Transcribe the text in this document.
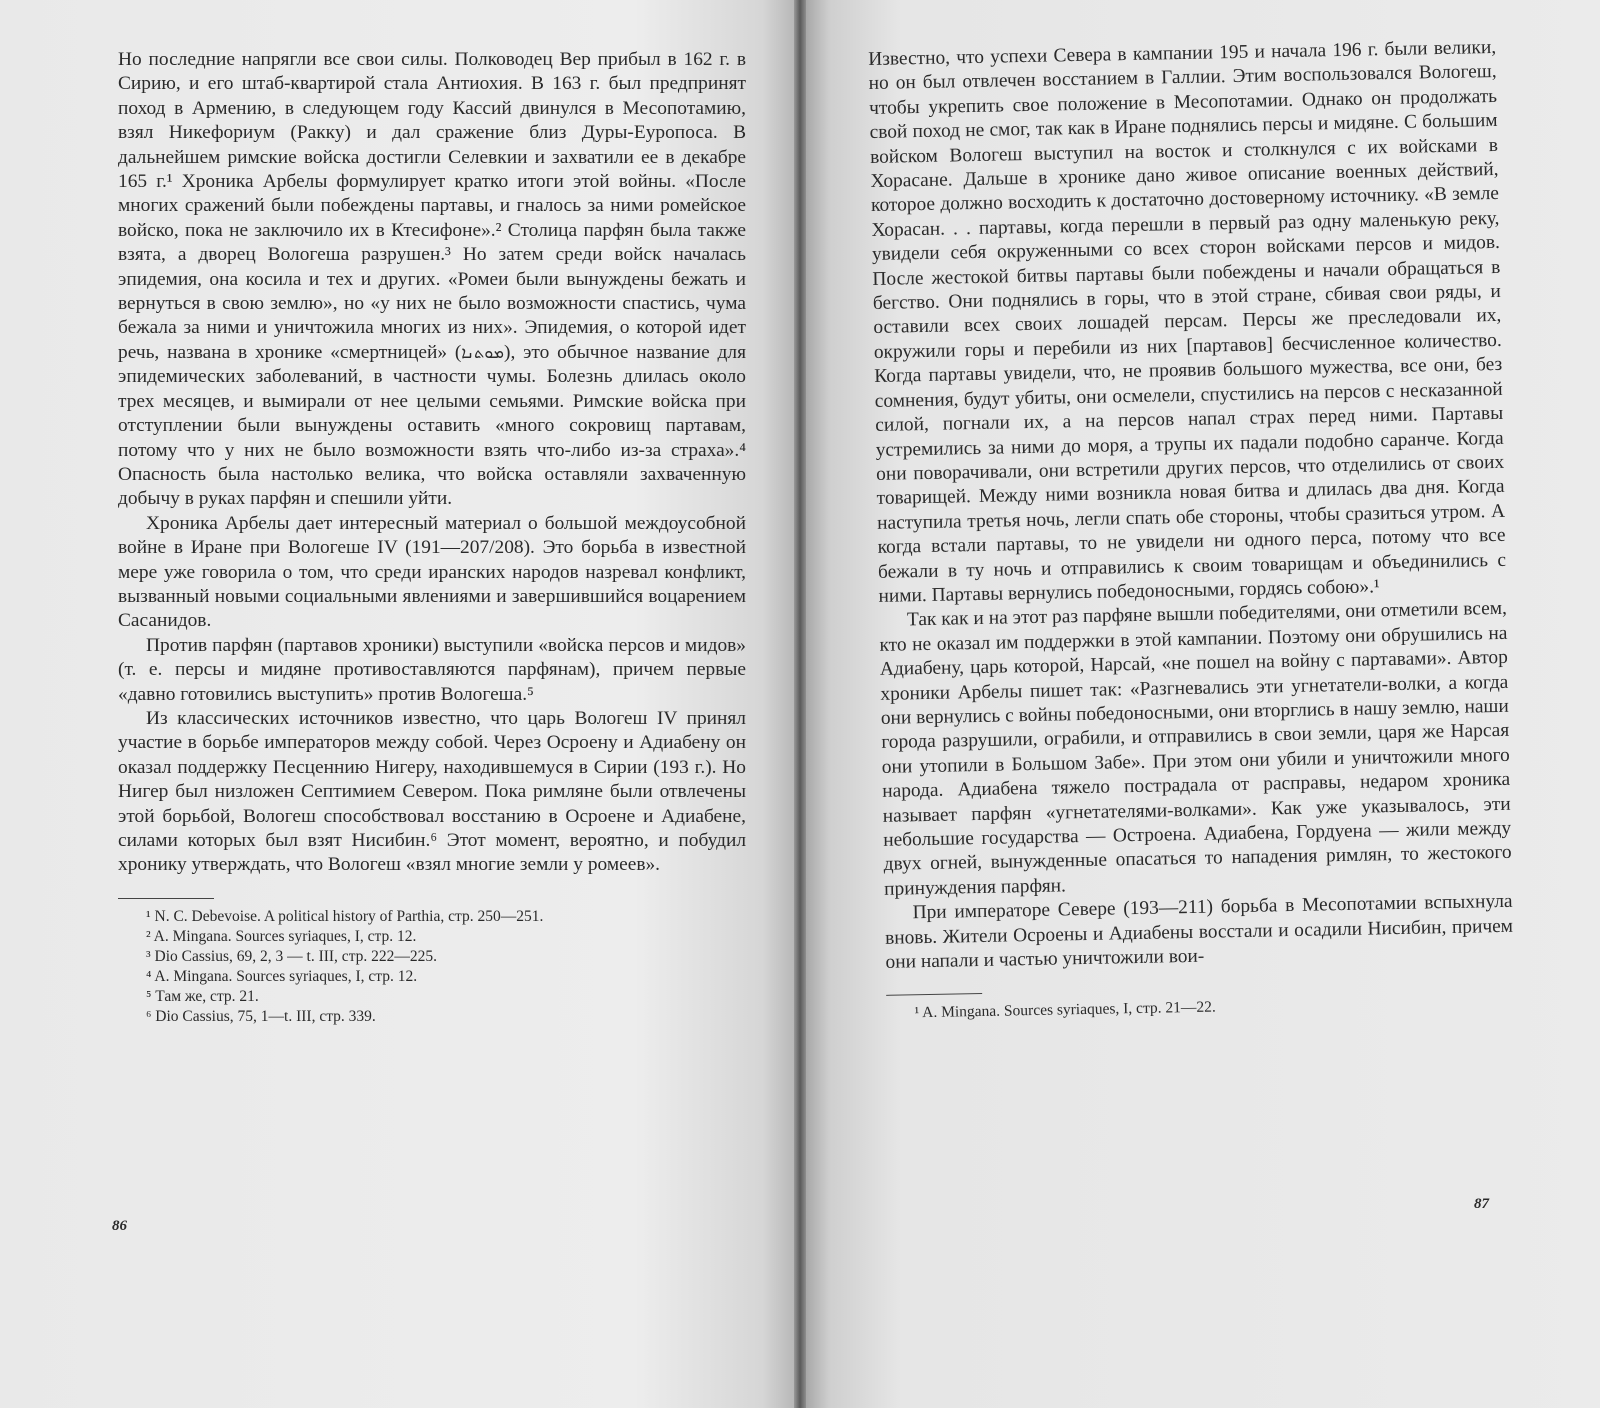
Но последние напрягли все свои силы. Полководец Вер прибыл в 162 г. в Сирию, и его штаб-квартирой стала Антиохия. В 163 г. был предпринят поход в Армению, в следующем году Кассий двинулся в Месопотамию, взял Никефориум (Ракку) и дал сражение близ Дуры-Еуропоса. В дальнейшем римские войска достигли Селевкии и захватили ее в декабре 165 г.¹ Хроника Арбелы формулирует кратко итоги этой войны. «После многих сражений были побеждены партавы, и гналось за ними ромейское войско, пока не заключило их в Ктесифоне».² Столица парфян была также взята, а дворец Вологеша разрушен.³ Но затем среди войск началась эпидемия, она косила и тех и других. «Ромеи были вынуждены бежать и вернуться в свою землю», но «у них не было возможности спастись, чума бежала за ними и уничтожила многих из них». Эпидемия, о которой идет речь, названа в хронике «смертницей» (ܡܘܬܢܐ), это обычное название для эпидемических заболеваний, в частности чумы. Болезнь длилась около трех месяцев, и вымирали от нее целыми семьями. Римские войска при отступлении были вынуждены оставить «много сокровищ партавам, потому что у них не было возможности взять что-либо из-за страха».⁴ Опасность была настолько велика, что войска оставляли захваченную добычу в руках парфян и спешили уйти.

Хроника Арбелы дает интересный материал о большой междоусобной войне в Иране при Вологеше IV (191—207/208). Это борьба в известной мере уже говорила о том, что среди иранских народов назревал конфликт, вызванный новыми социальными явлениями и завершившийся воцарением Сасанидов.

Против парфян (партавов хроники) выступили «войска персов и мидов» (т. е. персы и мидяне противоставляются парфянам), причем первые «давно готовились выступить» против Вологеша.⁵

Из классических источников известно, что царь Вологеш IV принял участие в борьбе императоров между собой. Через Осроену и Адиабену он оказал поддержку Песценнию Нигеру, находившемуся в Сирии (193 г.). Но Нигер был низложен Септимием Севером. Пока римляне были отвлечены этой борьбой, Вологеш способствовал восстанию в Осроене и Адиабене, силами которых был взят Нисибин.⁶ Этот момент, вероятно, и побудил хронику утверждать, что Вологеш «взял многие земли у ромеев».

¹ N. C. Debevoise. A political history of Parthia, стр. 250—251.

² A. Mingana. Sources syriaques, I, стр. 12.

³ Dio Cassius, 69, 2, 3 — t. III, стр. 222—225.

⁴ A. Mingana. Sources syriaques, I, стр. 12.

⁵ Там же, стр. 21.

⁶ Dio Cassius, 75, 1—t. III, стр. 339.

86

Известно, что успехи Севера в кампании 195 и начала 196 г. были велики, но он был отвлечен восстанием в Галлии. Этим воспользовался Вологеш, чтобы укрепить свое положение в Месопотамии. Однако он продолжать свой поход не смог, так как в Иране поднялись персы и мидяне. С большим войском Вологеш выступил на восток и столкнулся с их войсками в Хорасане. Дальше в хронике дано живое описание военных действий, которое должно восходить к достаточно достоверному источнику. «В земле Хорасан. . . партавы, когда перешли в первый раз одну маленькую реку, увидели себя окруженными со всех сторон войсками персов и мидов. После жестокой битвы партавы были побеждены и начали обращаться в бегство. Они поднялись в горы, что в этой стране, сбивая свои ряды, и оставили всех своих лошадей персам. Персы же преследовали их, окружили горы и перебили из них [партавов] бесчисленное количество. Когда партавы увидели, что, не проявив большого мужества, все они, без сомнения, будут убиты, они осмелели, спустились на персов с несказанной силой, погнали их, а на персов напал страх перед ними. Партавы устремились за ними до моря, а трупы их падали подобно саранче. Когда они поворачивали, они встретили других персов, что отделились от своих товарищей. Между ними возникла новая битва и длилась два дня. Когда наступила третья ночь, легли спать обе стороны, чтобы сразиться утром. А когда встали партавы, то не увидели ни одного перса, потому что все бежали в ту ночь и отправились к своим товарищам и объединились с ними. Партавы вернулись победоносными, гордясь собою».¹

Так как и на этот раз парфяне вышли победителями, они отметили всем, кто не оказал им поддержки в этой кампании. Поэтому они обрушились на Адиабену, царь которой, Нарсай, «не пошел на войну с партавами». Автор хроники Арбелы пишет так: «Разгневались эти угнетатели-волки, а когда они вернулись с войны победоносными, они вторглись в нашу землю, наши города разрушили, ограбили, и отправились в свои земли, царя же Нарсая они утопили в Большом Забе». При этом они убили и уничтожили много народа. Адиабена тяжело пострадала от расправы, недаром хроника называет парфян «угнетателями-волками». Как уже указывалось, эти небольшие государства — Остроена. Адиабена, Гордуена — жили между двух огней, вынужденные опасаться то нападения римлян, то жестокого принуждения парфян.

При императоре Севере (193—211) борьба в Месопотамии вспыхнула вновь. Жители Осроены и Адиабены восстали и осадили Нисибин, причем они напали и частью уничтожили вои-

¹ A. Mingana. Sources syriaques, I, стр. 21—22.

87
